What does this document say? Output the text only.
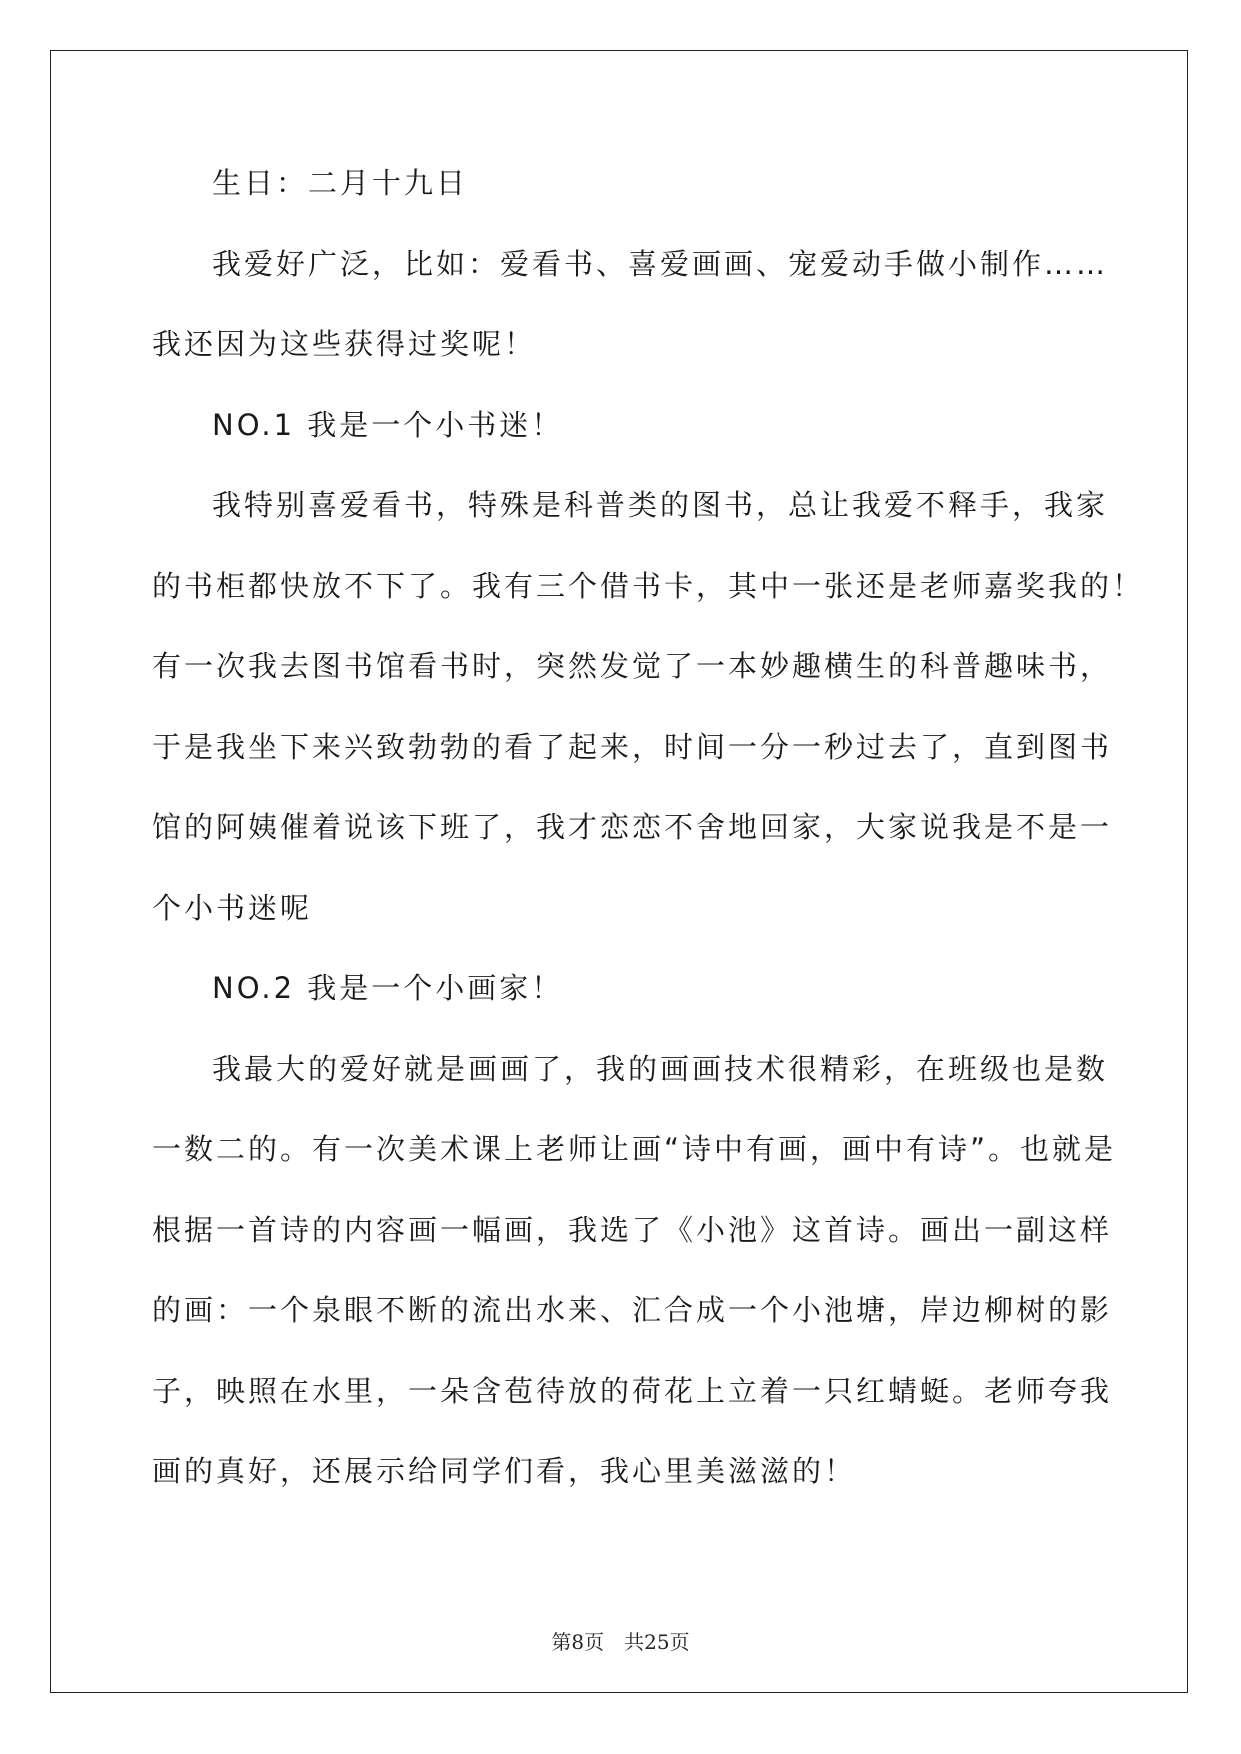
生日：二月十九日
我爱好广泛，比如：爱看书、喜爱画画、宠爱动手做小制作……
我还因为这些获得过奖呢！
NO.1 我是一个小书迷！
我特别喜爱看书，特殊是科普类的图书，总让我爱不释手，我家
的书柜都快放不下了。我有三个借书卡，其中一张还是老师嘉奖我的！
有一次我去图书馆看书时，突然发觉了一本妙趣横生的科普趣味书，
于是我坐下来兴致勃勃的看了起来，时间一分一秒过去了，直到图书
馆的阿姨催着说该下班了，我才恋恋不舍地回家，大家说我是不是一
个小书迷呢
NO.2 我是一个小画家！
我最大的爱好就是画画了，我的画画技术很精彩，在班级也是数
一数二的。有一次美术课上老师让画“诗中有画，画中有诗”。也就是
根据一首诗的内容画一幅画，我选了《小池》这首诗。画出一副这样
的画：一个泉眼不断的流出水来、汇合成一个小池塘，岸边柳树的影
子，映照在水里，一朵含苞待放的荷花上立着一只红蜻蜓。老师夸我
画的真好，还展示给同学们看，我心里美滋滋的！
第8页 共25页
